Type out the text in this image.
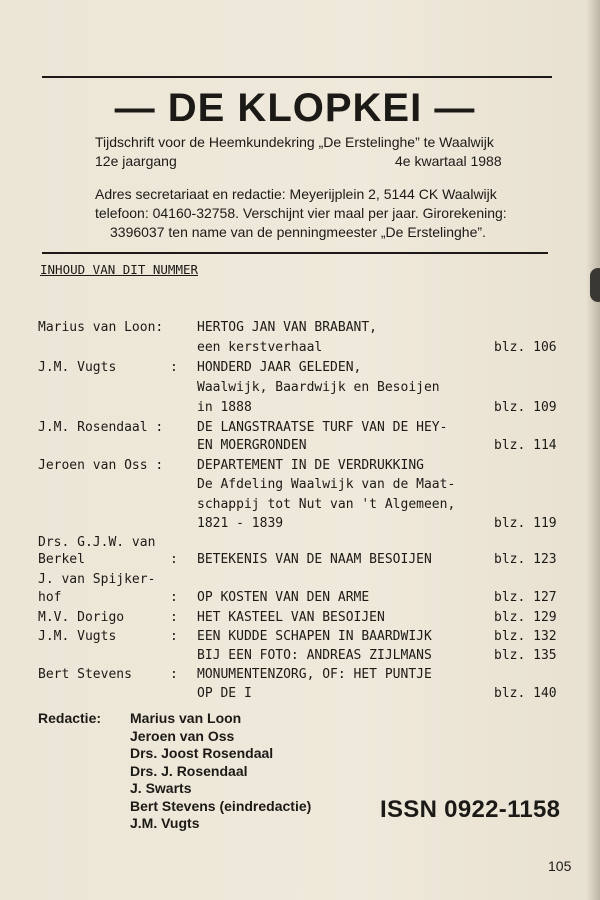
— DE KLOPKEI —
Tijdschrift voor de Heemkundekring „De Erstelinghe” te Waalwijk
12e jaargang	4e kwartaal 1988
Adres secretariaat en redactie: Meyerijplein 2, 5144 CK Waalwijk
telefoon: 04160-32758. Verschijnt vier maal per jaar. Girorekening:
3396037 ten name van de penningmeester „De Erstelinghe”.
INHOUD VAN DIT NUMMER
Marius van Loon:	HERTOG JAN VAN BRABANT,
een kerstverhaal	blz. 106
J.M. Vugts	: HONDERD JAAR GELEDEN,
Waalwijk, Baardwijk en Besoijen
in 1888	blz. 109
J.M. Rosendaal :	DE LANGSTRAATSE TURF VAN DE HEY-
EN MOERGRONDEN	blz. 114
Jeroen van Oss :	DEPARTEMENT IN DE VERDRUKKING
De Afdeling Waalwijk van de Maat-
schappij tot Nut van 't Algemeen,
1821 - 1839	blz. 119
Drs. G.J.W. van
Berkel	: BETEKENIS VAN DE NAAM BESOIJEN	blz. 123
J. van Spijker-
hof	: OP KOSTEN VAN DEN ARME	blz. 127
M.V. Dorigo	: HET KASTEEL VAN BESOIJEN	blz. 129
J.M. Vugts	: EEN KUDDE SCHAPEN IN BAARDWIJK	blz. 132
BIJ EEN FOTO: ANDREAS ZIJLMANS	blz. 135
Bert Stevens	: MONUMENTENZORG, OF: HET PUNTJE
OP DE I	blz. 140
Redactie: Marius van Loon
Jeroen van Oss
Drs. Joost Rosendaal
Drs. J. Rosendaal
J. Swarts
Bert Stevens (eindredactie)
J.M. Vugts	ISSN 0922-1158
105
